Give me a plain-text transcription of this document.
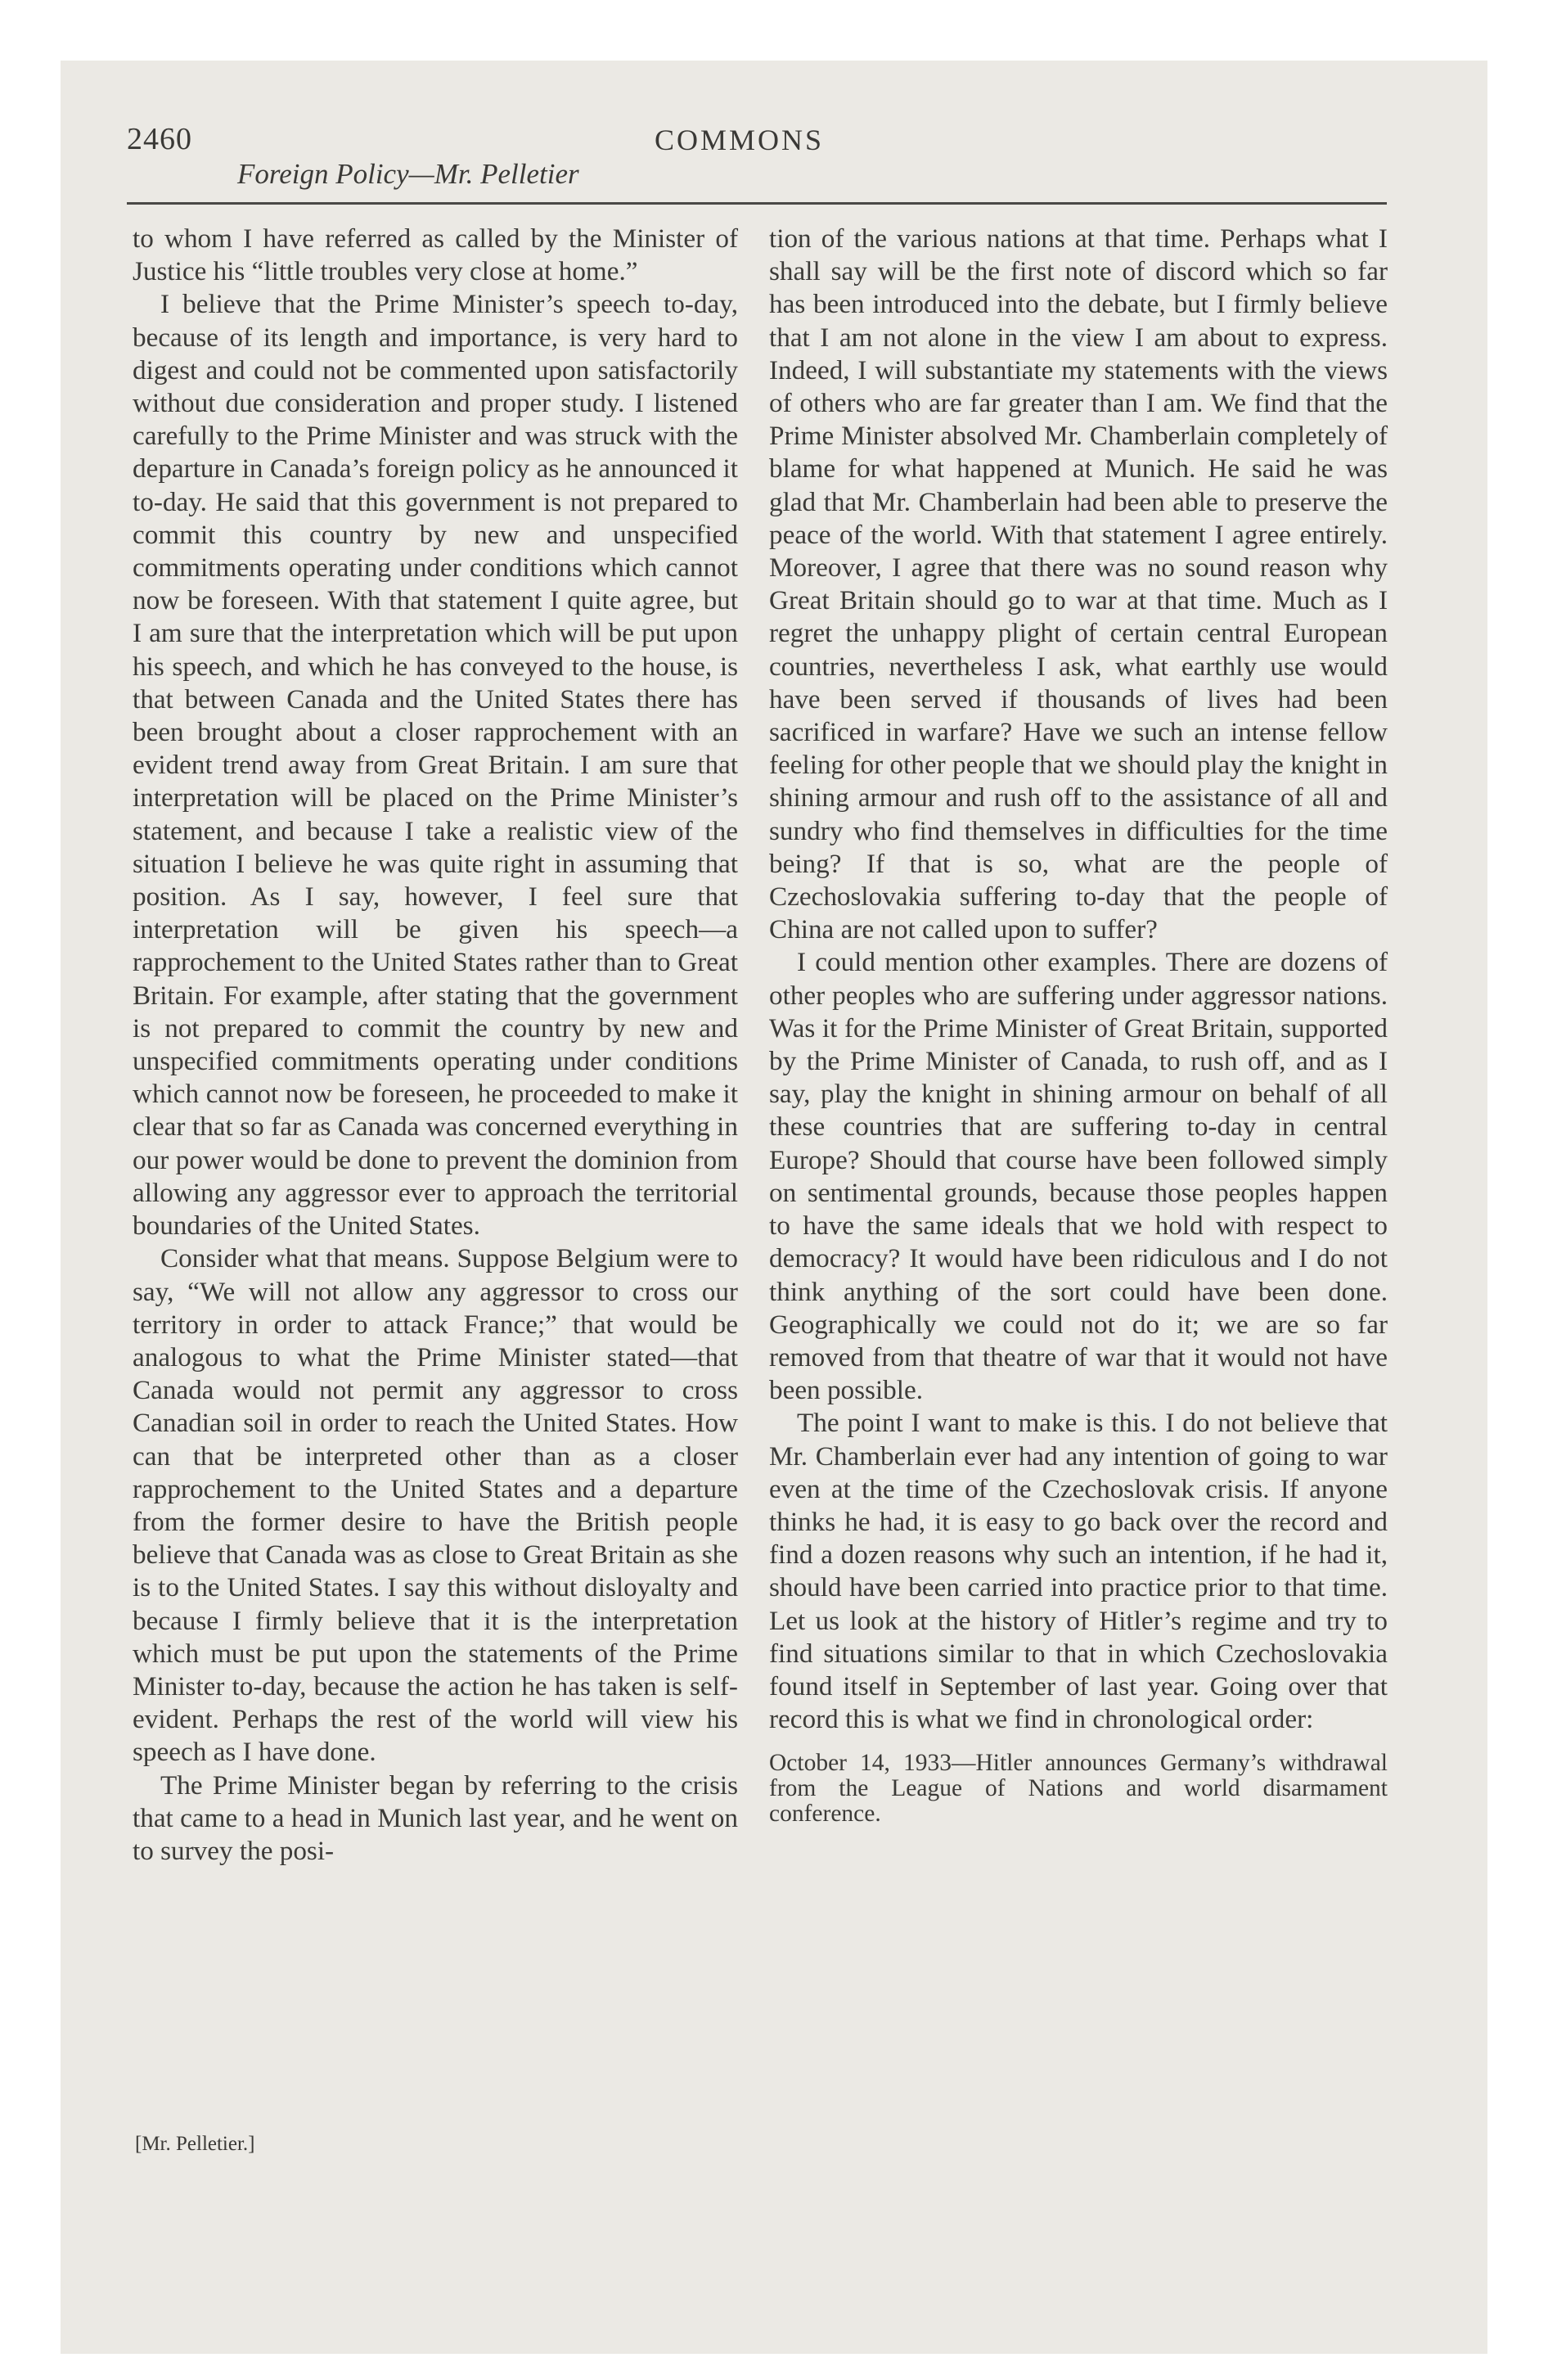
2460	COMMONS
Foreign Policy—Mr. Pelletier

to whom I have referred as called by the Minister of Justice his “little troubles very close at home.”

I believe that the Prime Minister’s speech to-day, because of its length and importance, is very hard to digest and could not be commented upon satisfactorily without due consideration and proper study. I listened carefully to the Prime Minister and was struck with the departure in Canada’s foreign policy as he announced it to-day. He said that this government is not prepared to commit this country by new and unspecified commitments operating under conditions which cannot now be foreseen. With that statement I quite agree, but I am sure that the interpretation which will be put upon his speech, and which he has conveyed to the house, is that between Canada and the United States there has been brought about a closer rapprochement with an evident trend away from Great Britain. I am sure that interpretation will be placed on the Prime Minister’s statement, and because I take a realistic view of the situation I believe he was quite right in assuming that position. As I say, however, I feel sure that interpretation will be given his speech—a rapprochement to the United States rather than to Great Britain. For example, after stating that the government is not prepared to commit the country by new and unspecified commitments operating under conditions which cannot now be foreseen, he proceeded to make it clear that so far as Canada was concerned everything in our power would be done to prevent the dominion from allowing any aggressor ever to approach the territorial boundaries of the United States.

Consider what that means. Suppose Belgium were to say, “We will not allow any aggressor to cross our territory in order to attack France;” that would be analogous to what the Prime Minister stated—that Canada would not permit any aggressor to cross Canadian soil in order to reach the United States. How can that be interpreted other than as a closer rapprochement to the United States and a departure from the former desire to have the British people believe that Canada was as close to Great Britain as she is to the United States. I say this without disloyalty and because I firmly believe that it is the interpretation which must be put upon the statements of the Prime Minister to-day, because the action he has taken is self-evident. Perhaps the rest of the world will view his speech as I have done.

The Prime Minister began by referring to the crisis that came to a head in Munich last year, and he went on to survey the posi-

[Mr. Pelletier.]

tion of the various nations at that time. Perhaps what I shall say will be the first note of discord which so far has been introduced into the debate, but I firmly believe that I am not alone in the view I am about to express. Indeed, I will substantiate my statements with the views of others who are far greater than I am. We find that the Prime Minister absolved Mr. Chamberlain completely of blame for what happened at Munich. He said he was glad that Mr. Chamberlain had been able to preserve the peace of the world. With that statement I agree entirely. Moreover, I agree that there was no sound reason why Great Britain should go to war at that time. Much as I regret the unhappy plight of certain central European countries, nevertheless I ask, what earthly use would have been served if thousands of lives had been sacrificed in warfare? Have we such an intense fellow feeling for other people that we should play the knight in shining armour and rush off to the assistance of all and sundry who find themselves in difficulties for the time being? If that is so, what are the people of Czechoslovakia suffering to-day that the people of China are not called upon to suffer?

I could mention other examples. There are dozens of other peoples who are suffering under aggressor nations. Was it for the Prime Minister of Great Britain, supported by the Prime Minister of Canada, to rush off, and as I say, play the knight in shining armour on behalf of all these countries that are suffering to-day in central Europe? Should that course have been followed simply on sentimental grounds, because those peoples happen to have the same ideals that we hold with respect to democracy? It would have been ridiculous and I do not think anything of the sort could have been done. Geographically we could not do it; we are so far removed from that theatre of war that it would not have been possible.

The point I want to make is this. I do not believe that Mr. Chamberlain ever had any intention of going to war even at the time of the Czechoslovak crisis. If anyone thinks he had, it is easy to go back over the record and find a dozen reasons why such an intention, if he had it, should have been carried into practice prior to that time. Let us look at the history of Hitler’s regime and try to find situations similar to that in which Czechoslovakia found itself in September of last year. Going over that record this is what we find in chronological order:

October 14, 1933—Hitler announces Germany’s withdrawal from the League of Nations and world disarmament conference.
